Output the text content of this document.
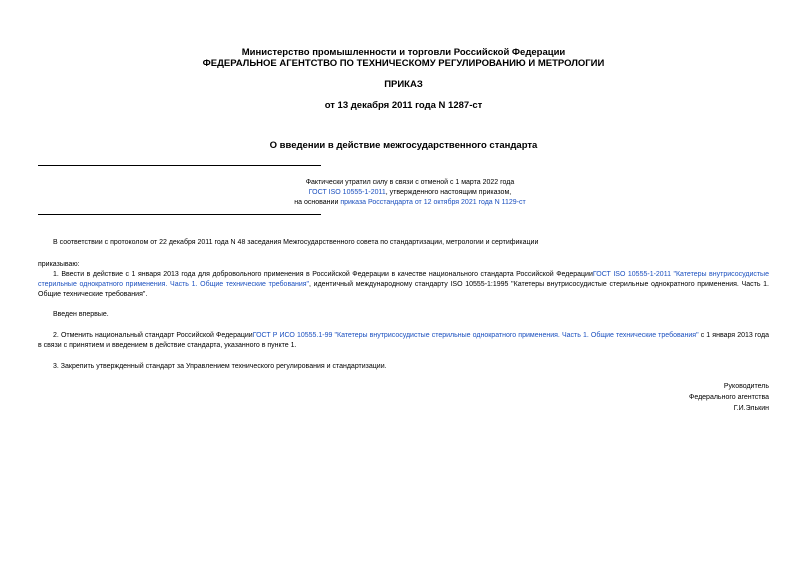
Министерство промышленности и торговли Российской Федерации
ФЕДЕРАЛЬНОЕ АГЕНТСТВО ПО ТЕХНИЧЕСКОМУ РЕГУЛИРОВАНИЮ И МЕТРОЛОГИИ
ПРИКАЗ
от 13 декабря 2011 года N 1287-ст
О введении в действие межгосударственного стандарта
Фактически утратил силу в связи с отменой с 1 марта 2022 года
ГОСТ ISO 10555-1-2011, утвержденного настоящим приказом,
на основании приказа Росстандарта от 12 октября 2021 года N 1129-ст
В соответствии с протоколом от 22 декабря 2011 года N 48 заседания Межгосударственного совета по стандартизации, метрологии и сертификации
приказываю:
1. Ввести в действие с 1 января 2013 года для добровольного применения в Российской Федерации в качестве национального стандарта Российской ФедерацииГОСТ ISO 10555-1-2011 "Катетеры внутрисосудистые стерильные однократного применения. Часть 1. Общие технические требования", идентичный международному стандарту ISO 10555-1:1995 "Катетеры внутрисосудистые стерильные однократного применения. Часть 1. Общие технические требования".
Введен впервые.
2. Отменить национальный стандарт Российской ФедерацииГОСТ Р ИСО 10555.1-99 "Катетеры внутрисосудистые стерильные однократного применения. Часть 1. Общие технические требования" с 1 января 2013 года в связи с принятием и введением в действие стандарта, указанного в пункте 1.
3. Закрепить утвержденный стандарт за Управлением технического регулирования и стандартизации.
Руководитель
Федерального агентства
Г.И.Элькин
